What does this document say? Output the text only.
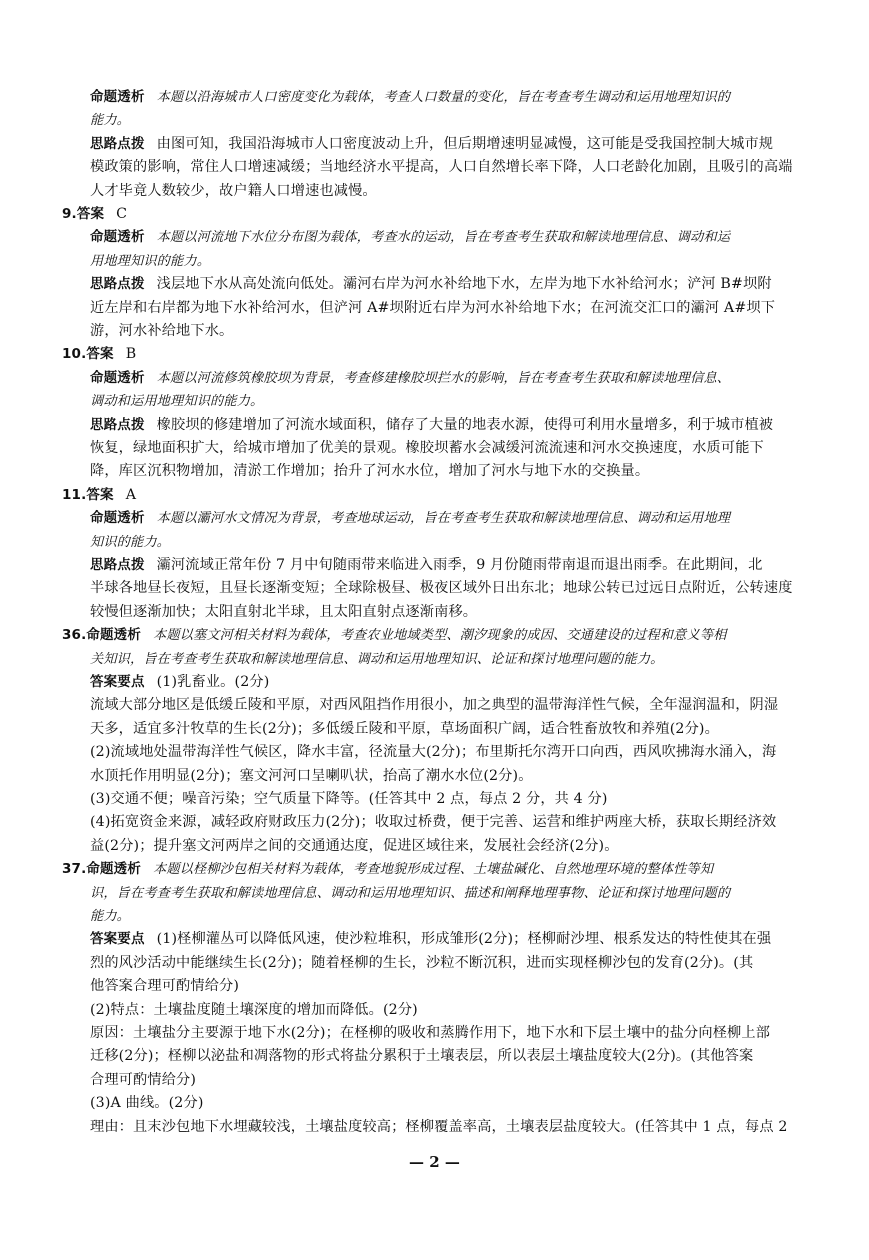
命题透析 本题以沿海城市人口密度变化为载体，考查人口数量的变化，旨在考查考生调动和运用地理知识的
能力。
思路点拨 由图可知，我国沿海城市人口密度波动上升，但后期增速明显减慢，这可能是受我国控制大城市规
模政策的影响，常住人口增速减缓；当地经济水平提高，人口自然增长率下降，人口老龄化加剧，且吸引的高端
人才毕竟人数较少，故户籍人口增速也减慢。
9.答案 C
命题透析 本题以河流地下水位分布图为载体，考查水的运动，旨在考查考生获取和解读地理信息、调动和运
用地理知识的能力。
思路点拨 浅层地下水从高处流向低处。灞河右岸为河水补给地下水，左岸为地下水补给河水；浐河 B#坝附
近左岸和右岸都为地下水补给河水，但浐河 A#坝附近右岸为河水补给地下水；在河流交汇口的灞河 A#坝下
游，河水补给地下水。
10.答案 B
命题透析 本题以河流修筑橡胶坝为背景，考查修建橡胶坝拦水的影响，旨在考查考生获取和解读地理信息、
调动和运用地理知识的能力。
思路点拨 橡胶坝的修建增加了河流水域面积，储存了大量的地表水源，使得可利用水量增多，利于城市植被
恢复，绿地面积扩大，给城市增加了优美的景观。橡胶坝蓄水会减缓河流流速和河水交换速度，水质可能下
降，库区沉积物增加，清淤工作增加；抬升了河水水位，增加了河水与地下水的交换量。
11.答案 A
命题透析 本题以灞河水文情况为背景，考查地球运动，旨在考查考生获取和解读地理信息、调动和运用地理
知识的能力。
思路点拨 灞河流域正常年份 7 月中旬随雨带来临进入雨季，9 月份随雨带南退而退出雨季。在此期间，北
半球各地昼长夜短，且昼长逐渐变短；全球除极昼、极夜区域外日出东北；地球公转已过远日点附近，公转速度
较慢但逐渐加快；太阳直射北半球，且太阳直射点逐渐南移。
36.命题透析 本题以塞文河相关材料为载体，考查农业地域类型、潮汐现象的成因、交通建设的过程和意义等相
关知识，旨在考查考生获取和解读地理信息、调动和运用地理知识、论证和探讨地理问题的能力。
答案要点 (1)乳畜业。(2分)
流域大部分地区是低缓丘陵和平原，对西风阻挡作用很小，加之典型的温带海洋性气候，全年湿润温和，阴湿
天多，适宜多汁牧草的生长(2分)；多低缓丘陵和平原，草场面积广阔，适合牲畜放牧和养殖(2分)。
(2)流域地处温带海洋性气候区，降水丰富，径流量大(2分)；布里斯托尔湾开口向西，西风吹拂海水涌入，海
水顶托作用明显(2分)；塞文河河口呈喇叭状，抬高了潮水水位(2分)。
(3)交通不便；噪音污染；空气质量下降等。(任答其中 2 点，每点 2 分，共 4 分)
(4)拓宽资金来源，减轻政府财政压力(2分)；收取过桥费，便于完善、运营和维护两座大桥，获取长期经济效
益(2分)；提升塞文河两岸之间的交通通达度，促进区域往来，发展社会经济(2分)。
37.命题透析 本题以柽柳沙包相关材料为载体，考查地貌形成过程、土壤盐碱化、自然地理环境的整体性等知
识，旨在考查考生获取和解读地理信息、调动和运用地理知识、描述和阐释地理事物、论证和探讨地理问题的
能力。
答案要点 (1)柽柳灌丛可以降低风速，使沙粒堆积，形成雏形(2分)；柽柳耐沙埋、根系发达的特性使其在强
烈的风沙活动中能继续生长(2分)；随着柽柳的生长，沙粒不断沉积，进而实现柽柳沙包的发育(2分)。(其
他答案合理可酌情给分)
(2)特点：土壤盐度随土壤深度的增加而降低。(2分)
原因：土壤盐分主要源于地下水(2分)；在柽柳的吸收和蒸腾作用下，地下水和下层土壤中的盐分向柽柳上部
迁移(2分)；柽柳以泌盐和凋落物的形式将盐分累积于土壤表层，所以表层土壤盐度较大(2分)。(其他答案
合理可酌情给分)
(3)A 曲线。(2分)
理由：且末沙包地下水埋藏较浅，土壤盐度较高；柽柳覆盖率高，土壤表层盐度较大。(任答其中 1 点，每点 2
— 2 —
